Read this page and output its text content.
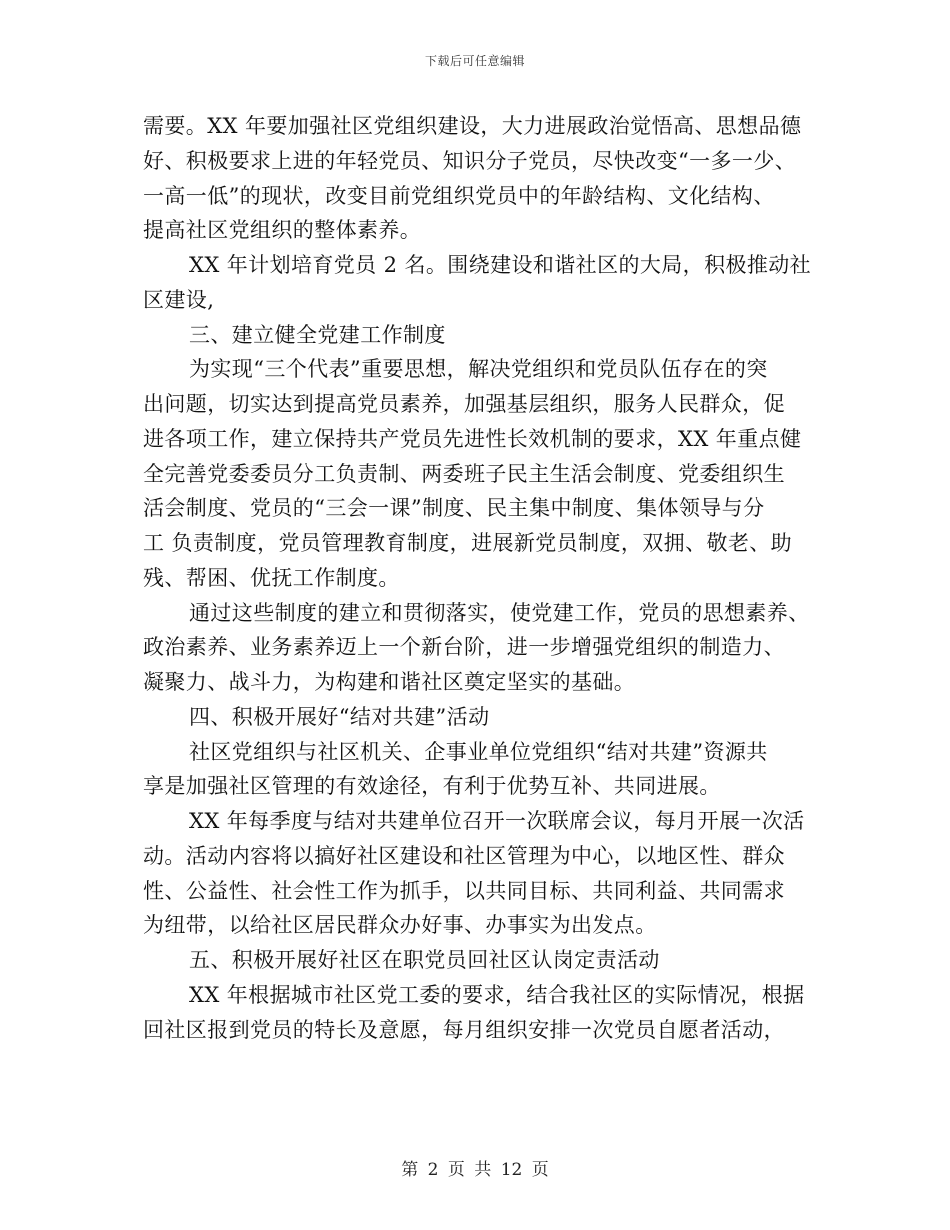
下载后可任意编辑
需要。XX 年要加强社区党组织建设，大力进展政治觉悟高、思想品德
好、积极要求上进的年轻党员、知识分子党员，尽快改变“一多一少、
一高一低”的现状，改变目前党组织党员中的年龄结构、文化结构、
提高社区党组织的整体素养。
XX 年计划培育党员 2 名。围绕建设和谐社区的大局，积极推动社
区建设,
三、建立健全党建工作制度
为实现“三个代表”重要思想，解决党组织和党员队伍存在的突
出问题，切实达到提高党员素养，加强基层组织，服务人民群众，促
进各项工作，建立保持共产党员先进性长效机制的要求，XX 年重点健
全完善党委委员分工负责制、两委班子民主生活会制度、党委组织生
活会制度、党员的“三会一课”制度、民主集中制度、集体领导与分
工 负责制度，党员管理教育制度，进展新党员制度，双拥、敬老、助
残、帮困、优抚工作制度。
通过这些制度的建立和贯彻落实，使党建工作，党员的思想素养、
政治素养、业务素养迈上一个新台阶，进一步增强党组织的制造力、
凝聚力、战斗力，为构建和谐社区奠定坚实的基础。
四、积极开展好“结对共建”活动
社区党组织与社区机关、企事业单位党组织“结对共建”资源共
享是加强社区管理的有效途径，有利于优势互补、共同进展。
XX 年每季度与结对共建单位召开一次联席会议，每月开展一次活
动。活动内容将以搞好社区建设和社区管理为中心，以地区性、群众
性、公益性、社会性工作为抓手，以共同目标、共同利益、共同需求
为纽带，以给社区居民群众办好事、办事实为出发点。
五、积极开展好社区在职党员回社区认岗定责活动
XX 年根据城市社区党工委的要求，结合我社区的实际情况，根据
回社区报到党员的特长及意愿，每月组织安排一次党员自愿者活动，
第 2 页 共 12 页
